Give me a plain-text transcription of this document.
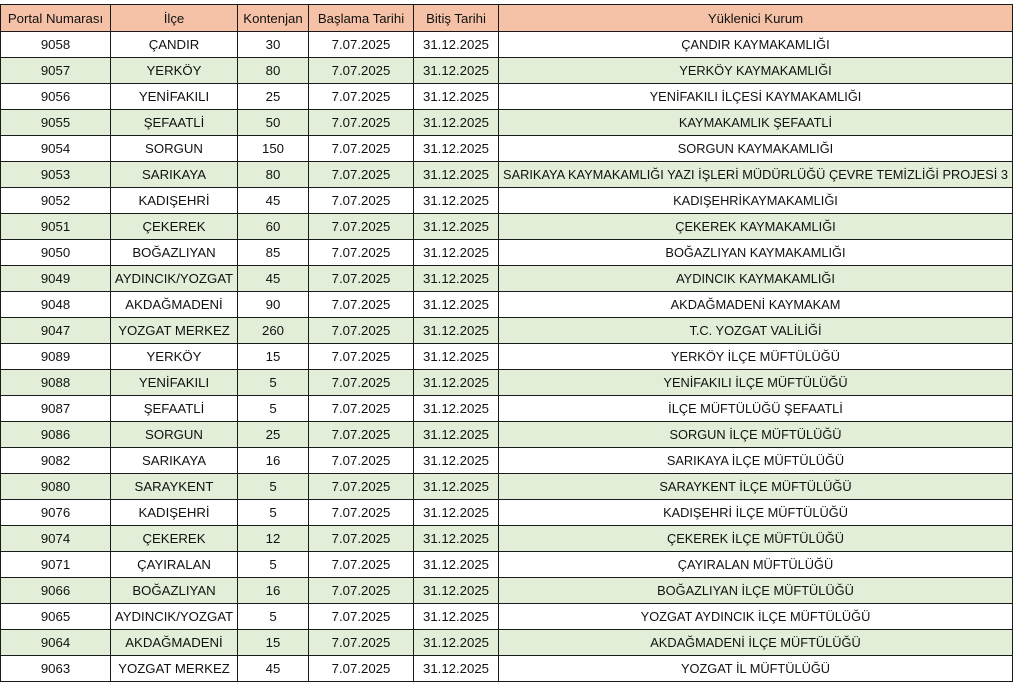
Portal Numarası	İlçe	Kontenjan	Başlama Tarihi	Bitiş Tarihi	Yüklenici Kurum
9058	ÇANDIR	30	7.07.2025	31.12.2025	ÇANDIR KAYMAKAMLIĞI
9057	YERKÖY	80	7.07.2025	31.12.2025	YERKÖY KAYMAKAMLIĞI
9056	YENİFAKILI	25	7.07.2025	31.12.2025	YENİFAKILI İLÇESİ KAYMAKAMLIĞI
9055	ŞEFAATLİ	50	7.07.2025	31.12.2025	KAYMAKAMLIK ŞEFAATLİ
9054	SORGUN	150	7.07.2025	31.12.2025	SORGUN KAYMAKAMLIĞI
9053	SARIKAYA	80	7.07.2025	31.12.2025	SARIKAYA KAYMAKAMLIĞI YAZI İŞLERİ MÜDÜRLÜĞÜ ÇEVRE TEMİZLİĞİ PROJESİ 3
9052	KADIŞEHRİ	45	7.07.2025	31.12.2025	KADIŞEHRİKAYMAKAMLIĞI
9051	ÇEKEREK	60	7.07.2025	31.12.2025	ÇEKEREK KAYMAKAMLIĞI
9050	BOĞAZLIYAN	85	7.07.2025	31.12.2025	BOĞAZLIYAN KAYMAKAMLIĞI
9049	AYDINCIK/YOZGAT	45	7.07.2025	31.12.2025	AYDINCIK KAYMAKAMLIĞI
9048	AKDAĞMADENİ	90	7.07.2025	31.12.2025	AKDAĞMADENİ KAYMAKAM
9047	YOZGAT MERKEZ	260	7.07.2025	31.12.2025	T.C. YOZGAT VALİLİĞİ
9089	YERKÖY	15	7.07.2025	31.12.2025	YERKÖY İLÇE MÜFTÜLÜĞÜ
9088	YENİFAKILI	5	7.07.2025	31.12.2025	YENİFAKILI İLÇE MÜFTÜLÜĞÜ
9087	ŞEFAATLİ	5	7.07.2025	31.12.2025	İLÇE MÜFTÜLÜĞÜ ŞEFAATLİ
9086	SORGUN	25	7.07.2025	31.12.2025	SORGUN İLÇE MÜFTÜLÜĞÜ
9082	SARIKAYA	16	7.07.2025	31.12.2025	SARIKAYA İLÇE MÜFTÜLÜĞÜ
9080	SARAYKENT	5	7.07.2025	31.12.2025	SARAYKENT İLÇE MÜFTÜLÜĞÜ
9076	KADIŞEHRİ	5	7.07.2025	31.12.2025	KADIŞEHRİ İLÇE MÜFTÜLÜĞÜ
9074	ÇEKEREK	12	7.07.2025	31.12.2025	ÇEKEREK İLÇE MÜFTÜLÜĞÜ
9071	ÇAYIRALAN	5	7.07.2025	31.12.2025	ÇAYIRALAN MÜFTÜLÜĞÜ
9066	BOĞAZLIYAN	16	7.07.2025	31.12.2025	BOĞAZLIYAN İLÇE MÜFTÜLÜĞÜ
9065	AYDINCIK/YOZGAT	5	7.07.2025	31.12.2025	YOZGAT AYDINCIK İLÇE MÜFTÜLÜĞÜ
9064	AKDAĞMADENİ	15	7.07.2025	31.12.2025	AKDAĞMADENİ İLÇE MÜFTÜLÜĞÜ
9063	YOZGAT MERKEZ	45	7.07.2025	31.12.2025	YOZGAT İL MÜFTÜLÜĞÜ
